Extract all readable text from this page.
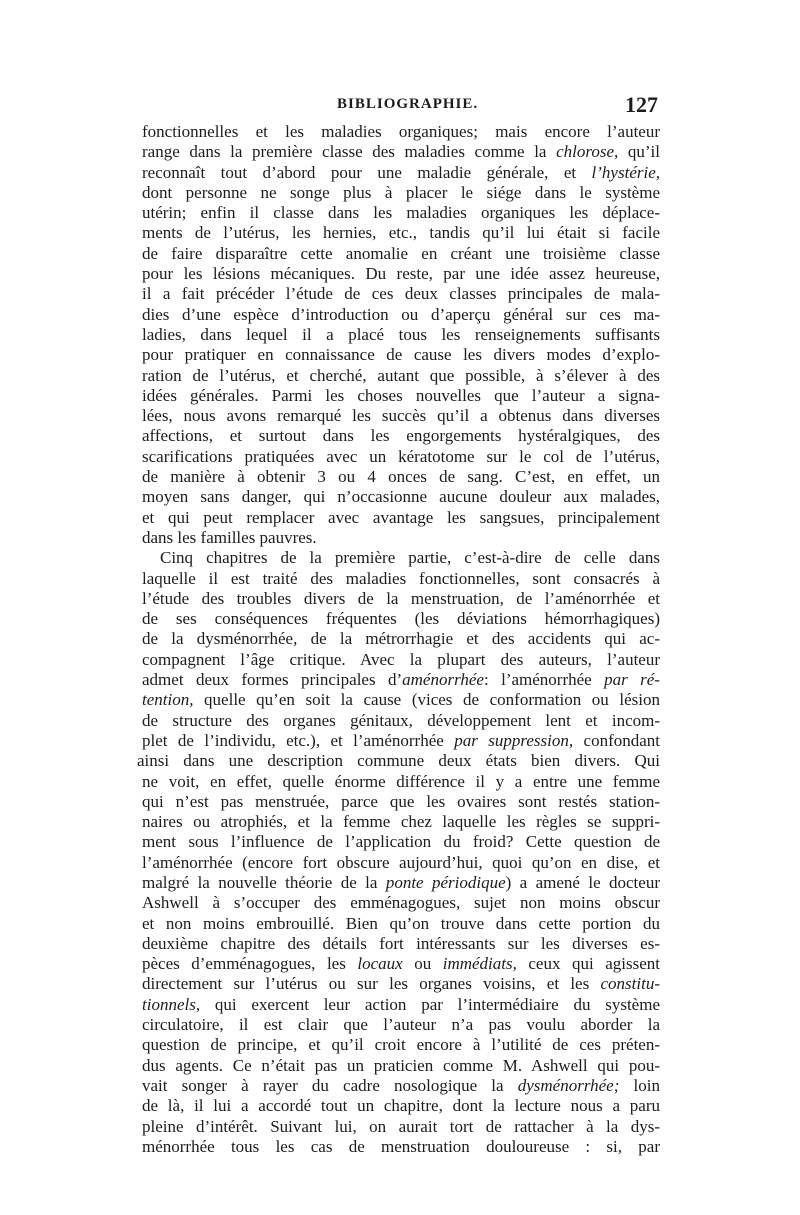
BIBLIOGRAPHIE.	127
fonctionnelles et les maladies organiques; mais encore l’auteur
range dans la première classe des maladies comme la chlorose, qu’il
reconnaît tout d’abord pour une maladie générale, et l’hystérie,
dont personne ne songe plus à placer le siége dans le système
utérin; enfin il classe dans les maladies organiques les déplace-
ments de l’utérus, les hernies, etc., tandis qu’il lui était si facile
de faire disparaître cette anomalie en créant une troisième classe
pour les lésions mécaniques. Du reste, par une idée assez heureuse,
il a fait précéder l’étude de ces deux classes principales de mala-
dies d’une espèce d’introduction ou d’aperçu général sur ces ma-
ladies, dans lequel il a placé tous les renseignements suffisants
pour pratiquer en connaissance de cause les divers modes d’explo-
ration de l’utérus, et cherché, autant que possible, à s’élever à des
idées générales. Parmi les choses nouvelles que l’auteur a signa-
lées, nous avons remarqué les succès qu’il a obtenus dans diverses
affections, et surtout dans les engorgements hystéralgiques, des
scarifications pratiquées avec un kératotome sur le col de l’utérus,
de manière à obtenir 3 ou 4 onces de sang. C’est, en effet, un
moyen sans danger, qui n’occasionne aucune douleur aux malades,
et qui peut remplacer avec avantage les sangsues, principalement
dans les familles pauvres.
Cinq chapitres de la première partie, c’est-à-dire de celle dans
laquelle il est traité des maladies fonctionnelles, sont consacrés à
l’étude des troubles divers de la menstruation, de l’aménorrhée et
de ses conséquences fréquentes (les déviations hémorrhagiques)
de la dysménorrhée, de la métrorrhagie et des accidents qui ac-
compagnent l’âge critique. Avec la plupart des auteurs, l’auteur
admet deux formes principales d’aménorrhée: l’aménorrhée par ré-
tention, quelle qu’en soit la cause (vices de conformation ou lésion
de structure des organes génitaux, développement lent et incom-
plet de l’individu, etc.), et l’aménorrhée par suppression, confondant
ainsi dans une description commune deux états bien divers. Qui
ne voit, en effet, quelle énorme différence il y a entre une femme
qui n’est pas menstruée, parce que les ovaires sont restés station-
naires ou atrophiés, et la femme chez laquelle les règles se suppri-
ment sous l’influence de l’application du froid? Cette question de
l’aménorrhée (encore fort obscure aujourd’hui, quoi qu’on en dise, et
malgré la nouvelle théorie de la ponte périodique) a amené le docteur
Ashwell à s’occuper des emménagogues, sujet non moins obscur
et non moins embrouillé. Bien qu’on trouve dans cette portion du
deuxième chapitre des détails fort intéressants sur les diverses es-
pèces d’emménagogues, les locaux ou immédiats, ceux qui agissent
directement sur l’utérus ou sur les organes voisins, et les constitu-
tionnels, qui exercent leur action par l’intermédiaire du système
circulatoire, il est clair que l’auteur n’a pas voulu aborder la
question de principe, et qu’il croit encore à l’utilité de ces préten-
dus agents. Ce n’était pas un praticien comme M. Ashwell qui pou-
vait songer à rayer du cadre nosologique la dysménorrhée; loin
de là, il lui a accordé tout un chapitre, dont la lecture nous a paru
pleine d’intérêt. Suivant lui, on aurait tort de rattacher à la dys-
ménorrhée tous les cas de menstruation douloureuse : si, par
